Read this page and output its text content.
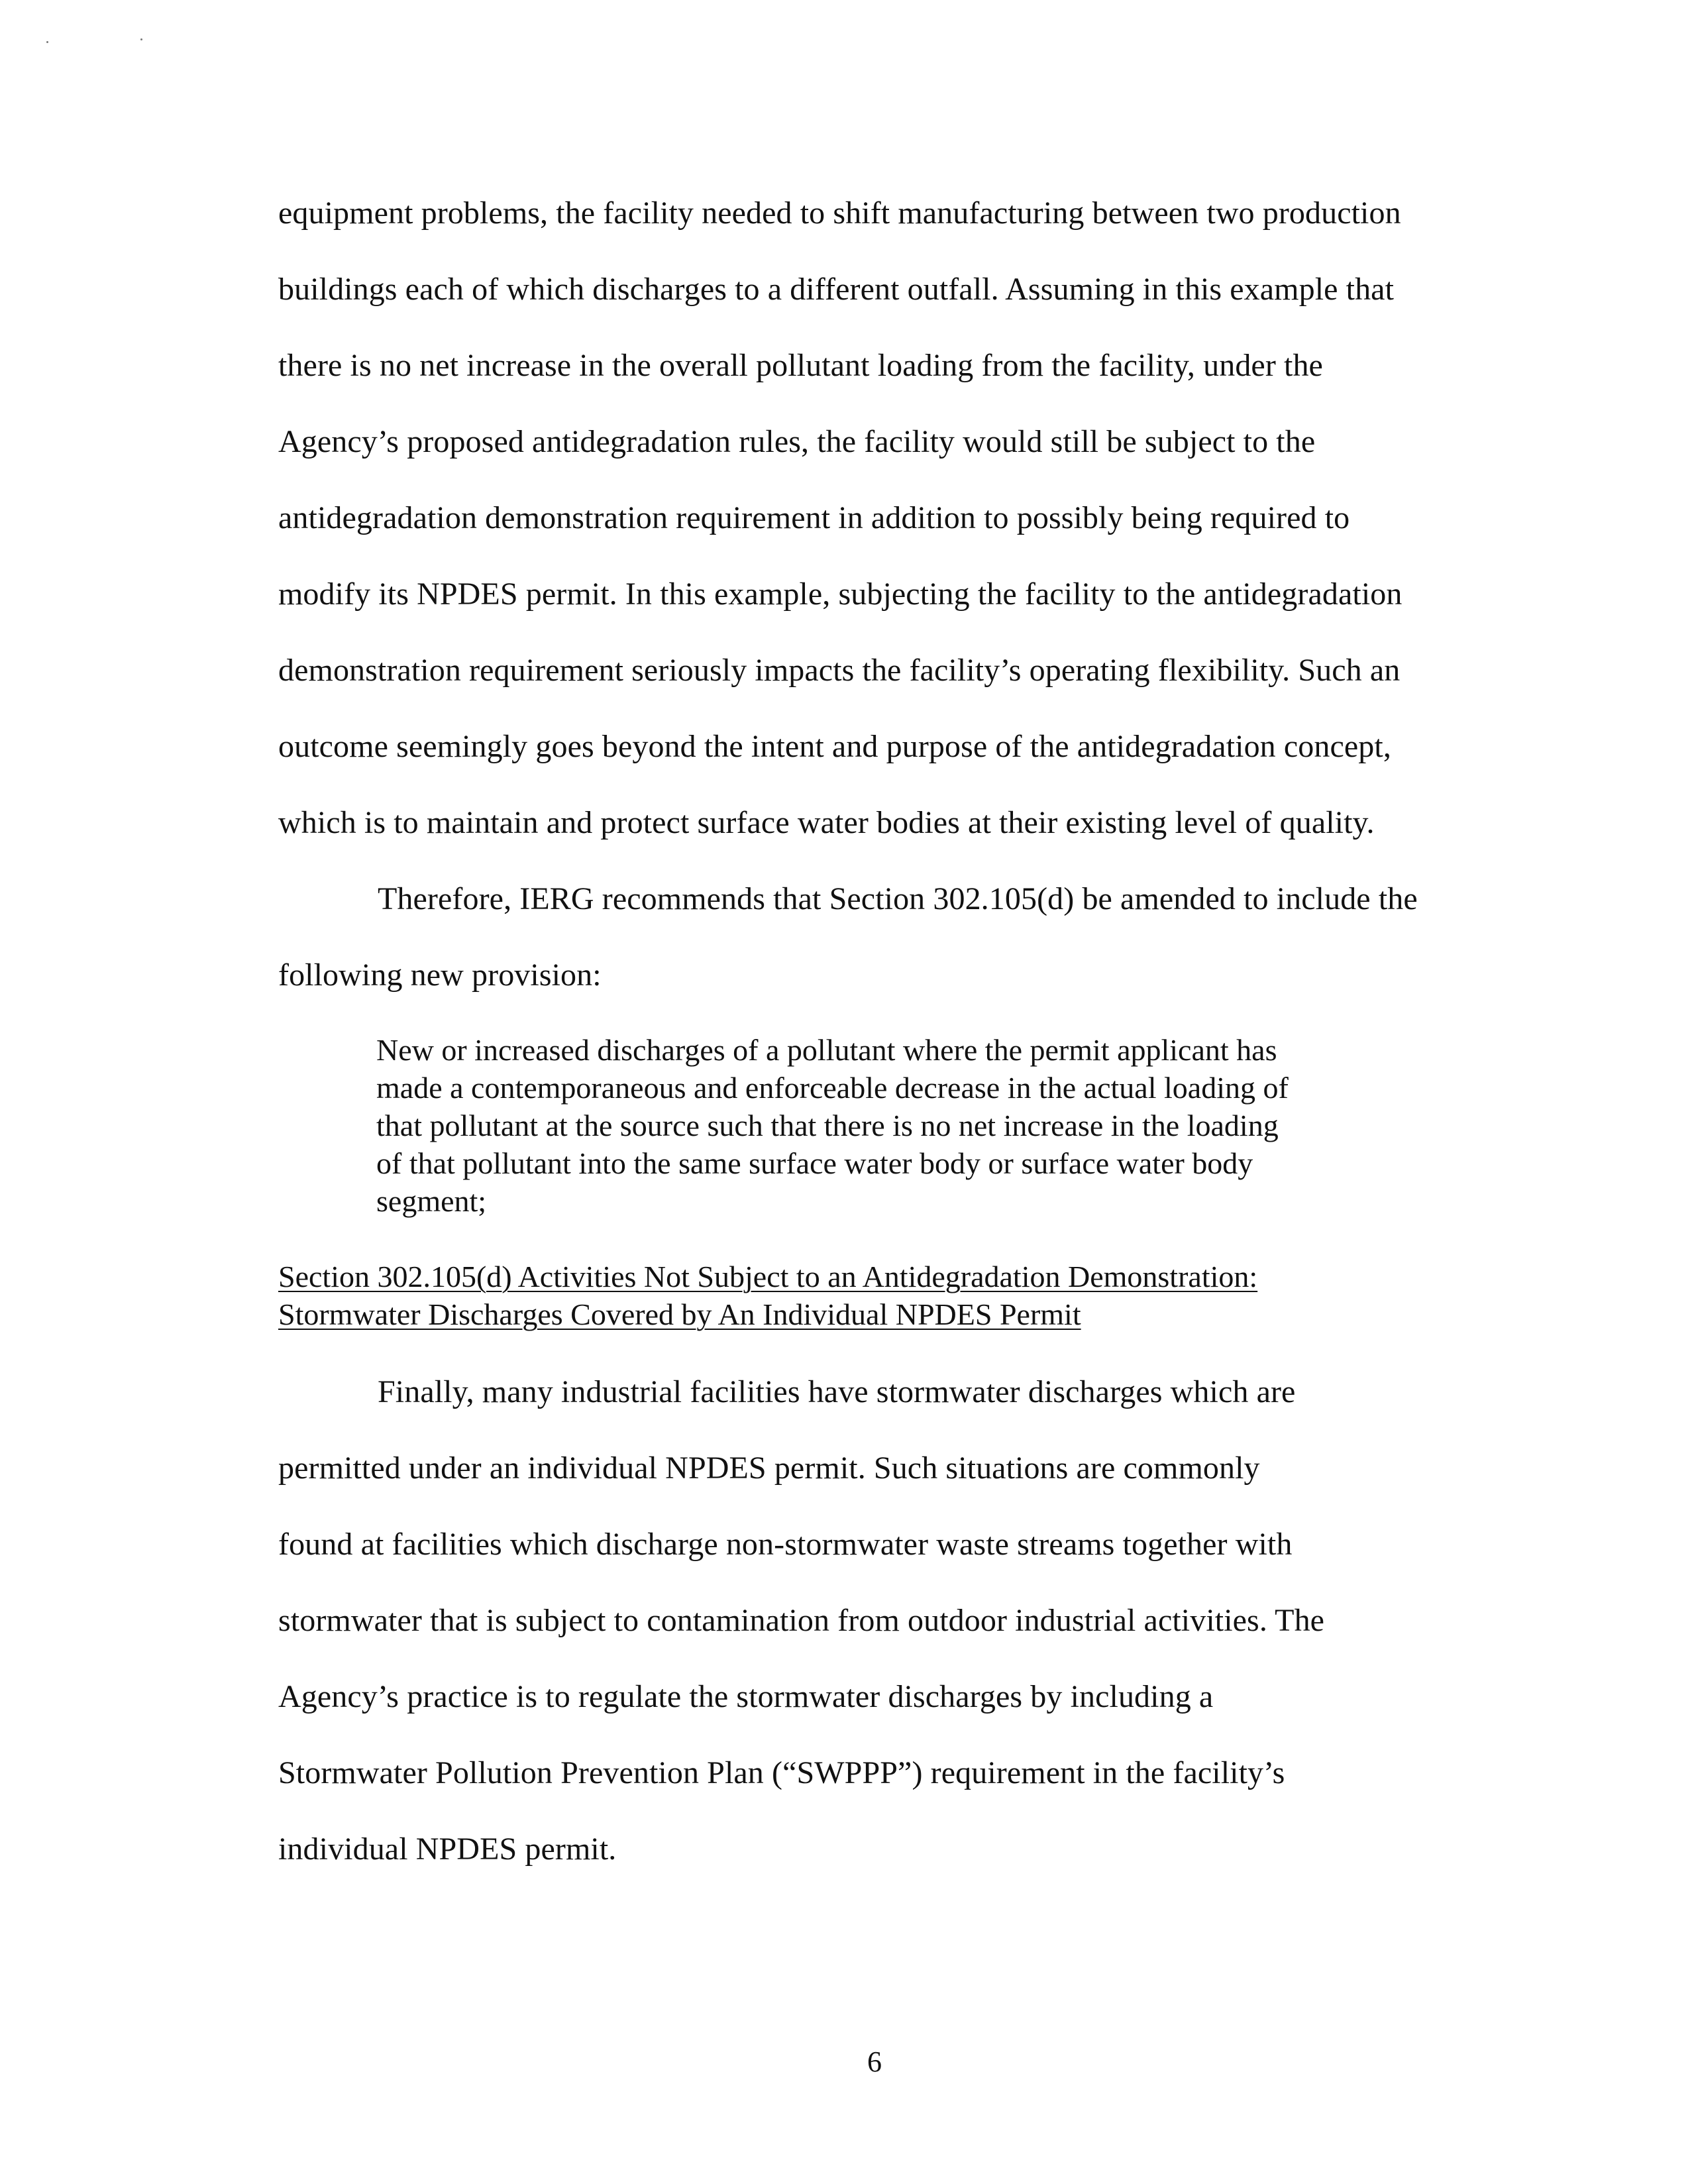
equipment problems, the facility needed to shift manufacturing between two production
buildings each of which discharges to a different outfall. Assuming in this example that
there is no net increase in the overall pollutant loading from the facility, under the
Agency’s proposed antidegradation rules, the facility would still be subject to the
antidegradation demonstration requirement in addition to possibly being required to
modify its NPDES permit. In this example, subjecting the facility to the antidegradation
demonstration requirement seriously impacts the facility’s operating flexibility. Such an
outcome seemingly goes beyond the intent and purpose of the antidegradation concept,
which is to maintain and protect surface water bodies at their existing level of quality.
Therefore, IERG recommends that Section 302.105(d) be amended to include the
following new provision:
New or increased discharges of a pollutant where the permit applicant has
made a contemporaneous and enforceable decrease in the actual loading of
that pollutant at the source such that there is no net increase in the loading
of that pollutant into the same surface water body or surface water body
segment;
Section 302.105(d) Activities Not Subject to an Antidegradation Demonstration:
Stormwater Discharges Covered by An Individual NPDES Permit
Finally, many industrial facilities have stormwater discharges which are
permitted under an individual NPDES permit. Such situations are commonly
found at facilities which discharge non-stormwater waste streams together with
stormwater that is subject to contamination from outdoor industrial activities. The
Agency’s practice is to regulate the stormwater discharges by including a
Stormwater Pollution Prevention Plan (“SWPPP”) requirement in the facility’s
individual NPDES permit.
6
